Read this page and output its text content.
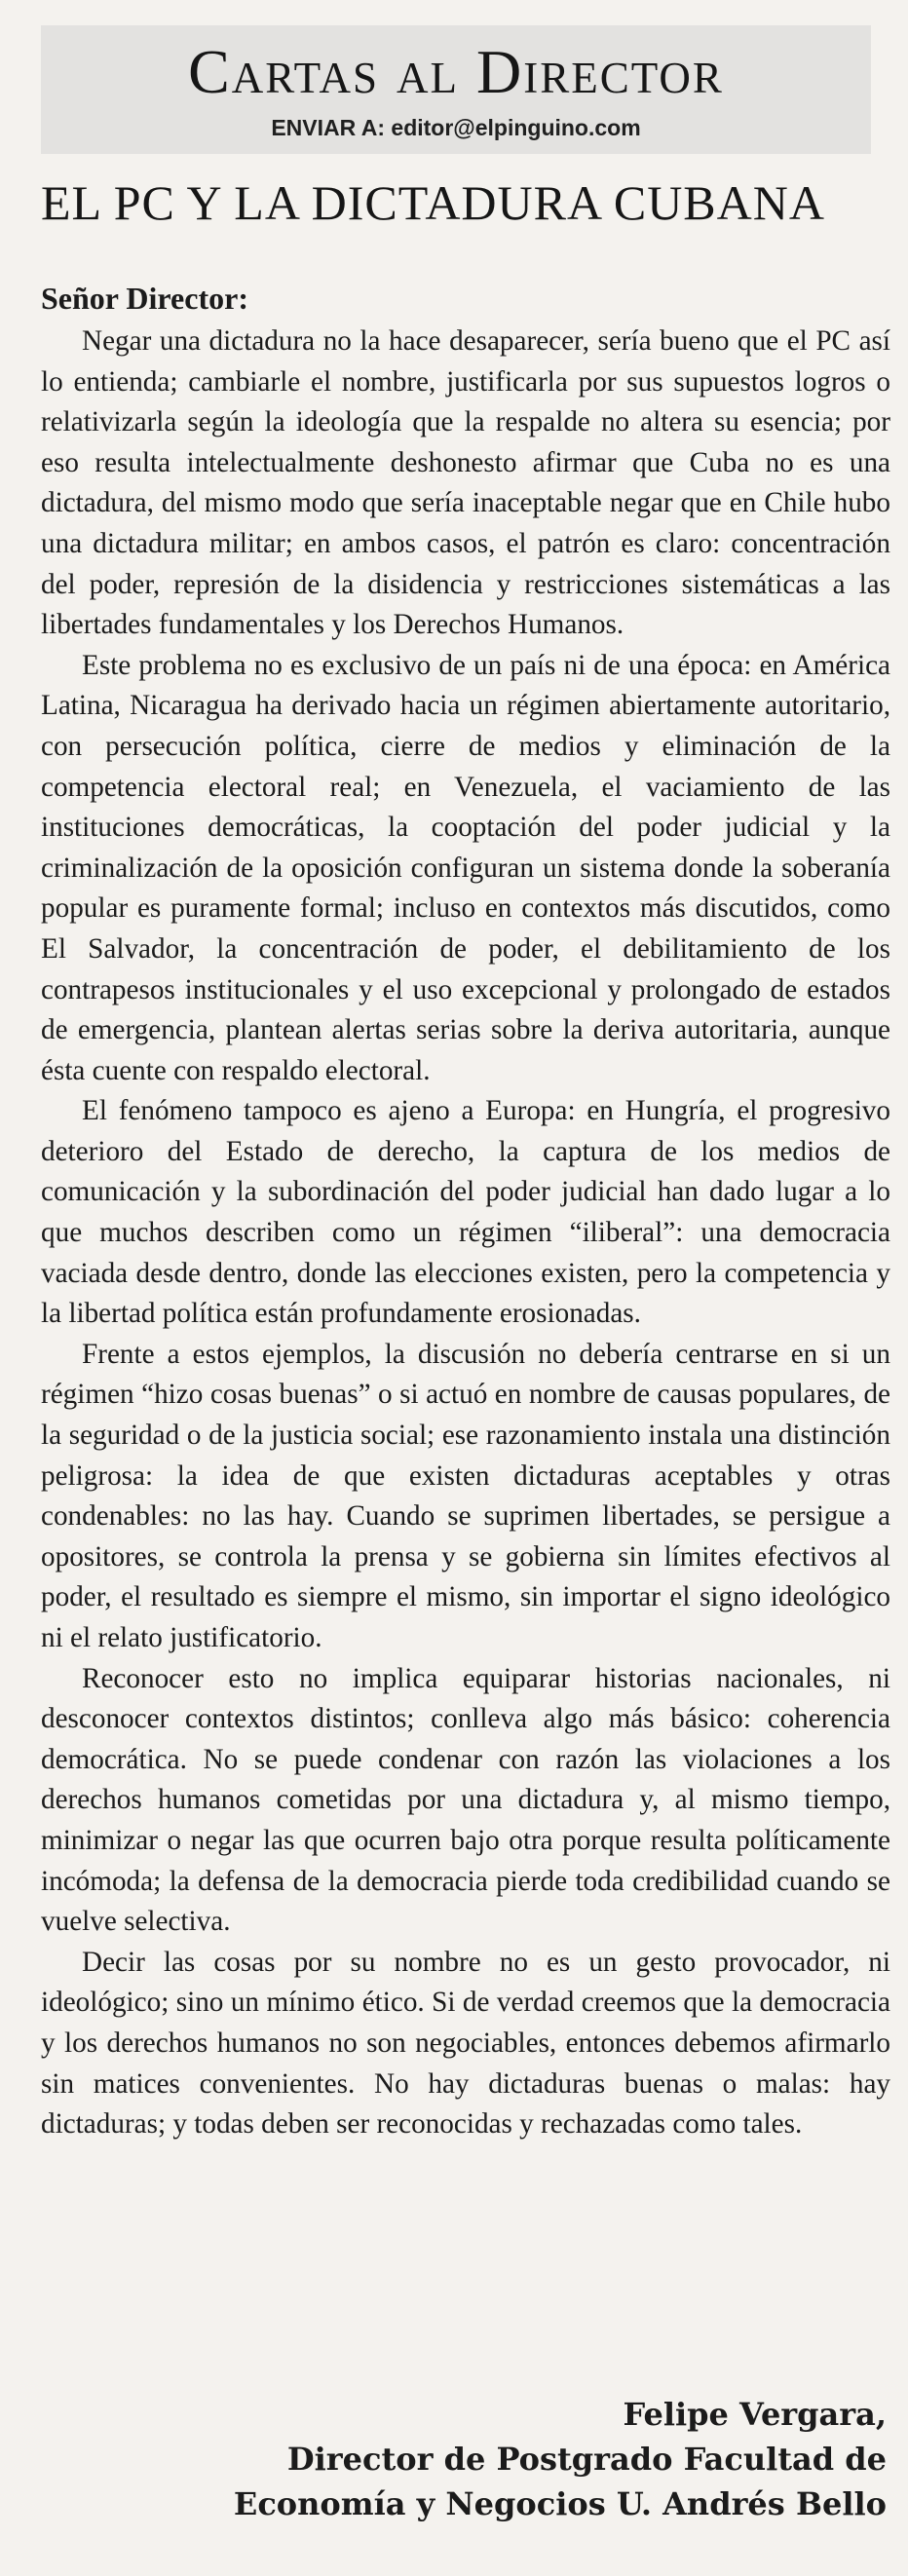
Cartas al Director
ENVIAR A: editor@elpinguino.com
EL PC Y LA DICTADURA CUBANA
Señor Director:

Negar una dictadura no la hace desaparecer, sería bueno que el PC así lo entienda; cambiarle el nombre, justificarla por sus supuestos logros o relativizarla según la ideología que la respalde no altera su esencia; por eso resulta intelectualmente deshonesto afirmar que Cuba no es una dictadura, del mismo modo que sería inaceptable negar que en Chile hubo una dictadura militar; en ambos casos, el patrón es claro: concentración del poder, represión de la disidencia y restricciones sistemáticas a las libertades fundamentales y los Derechos Humanos.

Este problema no es exclusivo de un país ni de una época: en América Latina, Nicaragua ha derivado hacia un régimen abiertamente autoritario, con persecución política, cierre de medios y eliminación de la competencia electoral real; en Venezuela, el vaciamiento de las instituciones democráticas, la cooptación del poder judicial y la criminalización de la oposición configuran un sistema donde la soberanía popular es puramente formal; incluso en contextos más discutidos, como El Salvador, la concentración de poder, el debilitamiento de los contrapesos institucionales y el uso excepcional y prolongado de estados de emergencia, plantean alertas serias sobre la deriva autoritaria, aunque ésta cuente con respaldo electoral.

El fenómeno tampoco es ajeno a Europa: en Hungría, el progresivo deterioro del Estado de derecho, la captura de los medios de comunicación y la subordinación del poder judicial han dado lugar a lo que muchos describen como un régimen “iliberal”: una democracia vaciada desde dentro, donde las elecciones existen, pero la competencia y la libertad política están profundamente erosionadas.

Frente a estos ejemplos, la discusión no debería centrarse en si un régimen “hizo cosas buenas” o si actuó en nombre de causas populares, de la seguridad o de la justicia social; ese razonamiento instala una distinción peligrosa: la idea de que existen dictaduras aceptables y otras condenables: no las hay. Cuando se suprimen libertades, se persigue a opositores, se controla la prensa y se gobierna sin límites efectivos al poder, el resultado es siempre el mismo, sin importar el signo ideológico ni el relato justificatorio.

Reconocer esto no implica equiparar historias nacionales, ni desconocer contextos distintos; conlleva algo más básico: coherencia democrática. No se puede condenar con razón las violaciones a los derechos humanos cometidas por una dictadura y, al mismo tiempo, minimizar o negar las que ocurren bajo otra porque resulta políticamente incómoda; la defensa de la democracia pierde toda credibilidad cuando se vuelve selectiva.

Decir las cosas por su nombre no es un gesto provocador, ni ideológico; sino un mínimo ético. Si de verdad creemos que la democracia y los derechos humanos no son negociables, entonces debemos afirmarlo sin matices convenientes. No hay dictaduras buenas o malas: hay dictaduras; y todas deben ser reconocidas y rechazadas como tales.

Felipe Vergara,
Director de Postgrado Facultad de
Economía y Negocios U. Andrés Bello
